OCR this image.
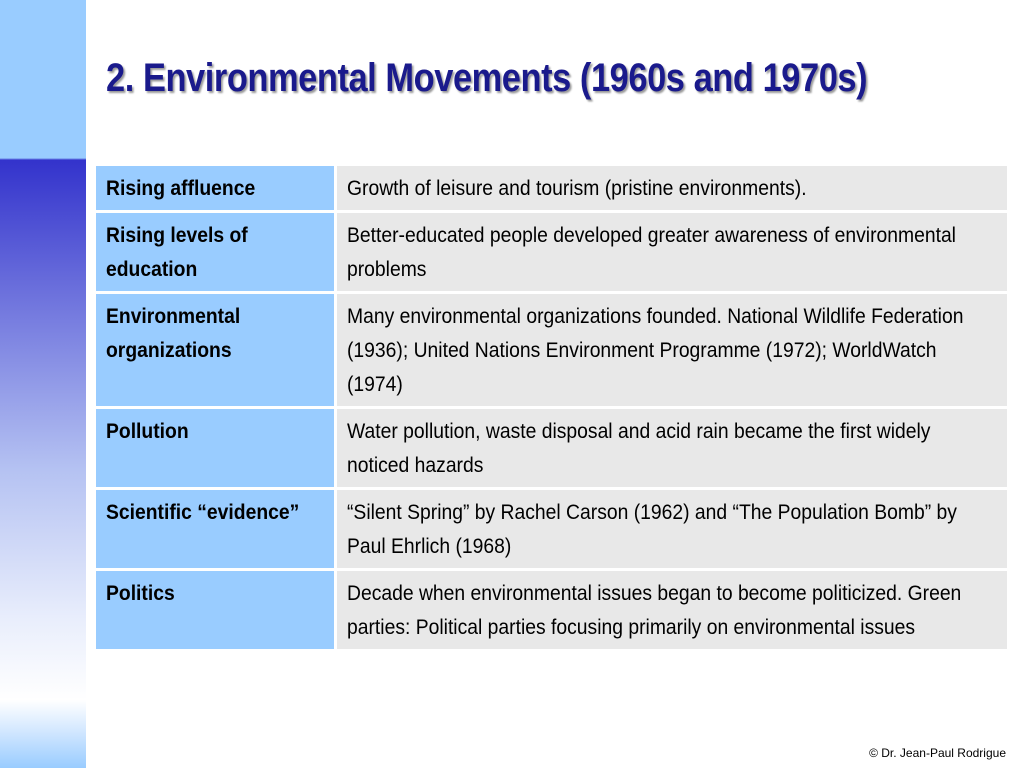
2. Environmental Movements (1960s and 1970s)
Rising affluence	Growth of leisure and tourism (pristine environments).

Rising levels of education	Better-educated people developed greater awareness of environmental problems

Environmental organizations	Many environmental organizations founded. National Wildlife Federation (1936); United Nations Environment Programme (1972); WorldWatch (1974)

Pollution	Water pollution, waste disposal and acid rain became the first widely noticed hazards

Scientific “evidence”	“Silent Spring” by Rachel Carson (1962) and “The Population Bomb” by Paul Ehrlich (1968)

Politics	Decade when environmental issues began to become politicized. Green parties: Political parties focusing primarily on environmental issues
© Dr. Jean-Paul Rodrigue
